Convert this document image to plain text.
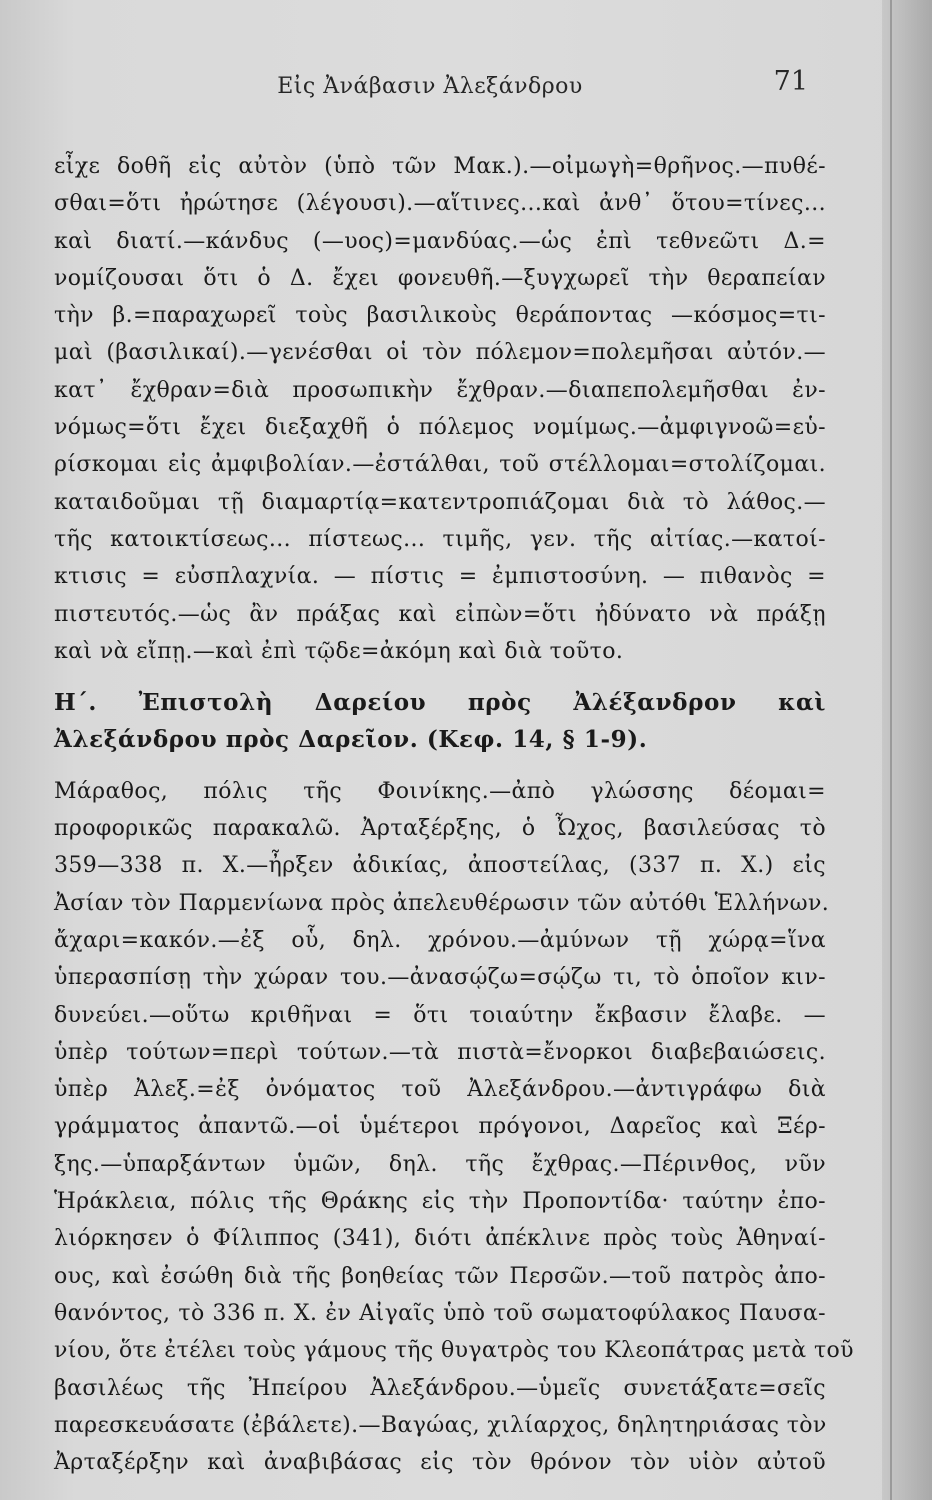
Εἰς Ἀνάβασιν Ἀλεξάνδρου	71
εἶχε δοθῆ εἰς αὐτὸν (ὑπὸ τῶν Μακ.).—οἰμωγὴ=θρῆνος.—πυθέ-
σθαι=ὅτι ἠρώτησε (λέγουσι).—αἵτινες...καὶ ἀνθ᾿ ὅτου=τίνες...
καὶ διατί.—κάνδυς (—υος)=μανδύας.—ὡς ἐπὶ τεθνεῶτι Δ.=
νομίζουσαι ὅτι ὁ Δ. ἔχει φονευθῆ.—ξυγχωρεῖ τὴν θεραπείαν
τὴν β.=παραχωρεῖ τοὺς βασιλικοὺς θεράποντας —κόσμος=τι-
μαὶ (βασιλικαί).—γενέσθαι οἱ τὸν πόλεμον=πολεμῆσαι αὐτόν.—
κατ᾿ ἔχθραν=διὰ προσωπικὴν ἔχθραν.—διαπεπολεμῆσθαι ἐν-
νόμως=ὅτι ἔχει διεξαχθῆ ὁ πόλεμος νομίμως.—ἀμφιγνοῶ=εὑ-
ρίσκομαι εἰς ἀμφιβολίαν.—ἐστάλθαι, τοῦ στέλλομαι=στολίζομαι.
καταιδοῦμαι τῇ διαμαρτίᾳ=κατεντροπιάζομαι διὰ τὸ λάθος.—
τῆς κατοικτίσεως... πίστεως... τιμῆς, γεν. τῆς αἰτίας.—κατοί-
κτισις = εὐσπλαχνία. — πίστις = ἐμπιστοσύνη. — πιθανὸς =
πιστευτός.—ὡς ἂν πράξας καὶ εἰπὼν=ὅτι ἠδύνατο νὰ πράξῃ
καὶ νὰ εἴπῃ.—καὶ ἐπὶ τῷδε=ἀκόμη καὶ διὰ τοῦτο.
Η΄. Ἐπιστολὴ Δαρείου πρὸς Ἀλέξανδρον καὶ
Ἀλεξάνδρου πρὸς Δαρεῖον. (Κεφ. 14, § 1-9).
Μάραθος, πόλις τῆς Φοινίκης.—ἀπὸ γλώσσης δέομαι=
προφορικῶς παρακαλῶ. Ἀρταξέρξης, ὁ Ὦχος, βασιλεύσας τὸ
359—338 π. Χ.—ἦρξεν ἀδικίας, ἀποστείλας, (337 π. Χ.) εἰς
Ἀσίαν τὸν Παρμενίωνα πρὸς ἀπελευθέρωσιν τῶν αὐτόθι Ἑλλήνων.
ἄχαρι=κακόν.—ἐξ οὗ, δηλ. χρόνου.—ἀμύνων τῇ χώρᾳ=ἵνα
ὑπερασπίσῃ τὴν χώραν του.—ἀνασῴζω=σῴζω τι, τὸ ὁποῖον κιν-
δυνεύει.—οὕτω κριθῆναι = ὅτι τοιαύτην ἔκβασιν ἔλαβε. —
ὑπὲρ τούτων=περὶ τούτων.—τὰ πιστὰ=ἔνορκοι διαβεβαιώσεις.
ὑπὲρ Ἀλεξ.=ἐξ ὀνόματος τοῦ Ἀλεξάνδρου.—ἀντιγράφω διὰ
γράμματος ἀπαντῶ.—οἱ ὑμέτεροι πρόγονοι, Δαρεῖος καὶ Ξέρ-
ξης.—ὑπαρξάντων ὑμῶν, δηλ. τῆς ἔχθρας.—Πέρινθος, νῦν
Ἡράκλεια, πόλις τῆς Θράκης εἰς τὴν Προποντίδα· ταύτην ἐπο-
λιόρκησεν ὁ Φίλιππος (341), διότι ἀπέκλινε πρὸς τοὺς Ἀθηναί-
ους, καὶ ἐσώθη διὰ τῆς βοηθείας τῶν Περσῶν.—τοῦ πατρὸς ἀπο-
θανόντος, τὸ 336 π. Χ. ἐν Αἰγαῖς ὑπὸ τοῦ σωματοφύλακος Παυσα-
νίου, ὅτε ἐτέλει τοὺς γάμους τῆς θυγατρὸς του Κλεοπάτρας μετὰ τοῦ
βασιλέως τῆς Ἠπείρου Ἀλεξάνδρου.—ὑμεῖς συνετάξατε=σεῖς
παρεσκευάσατε (ἐβάλετε).—Βαγώας, χιλίαρχος, δηλητηριάσας τὸν
Ἀρταξέρξην καὶ ἀναβιβάσας εἰς τὸν θρόνον τὸν υἱὸν αὐτοῦ
